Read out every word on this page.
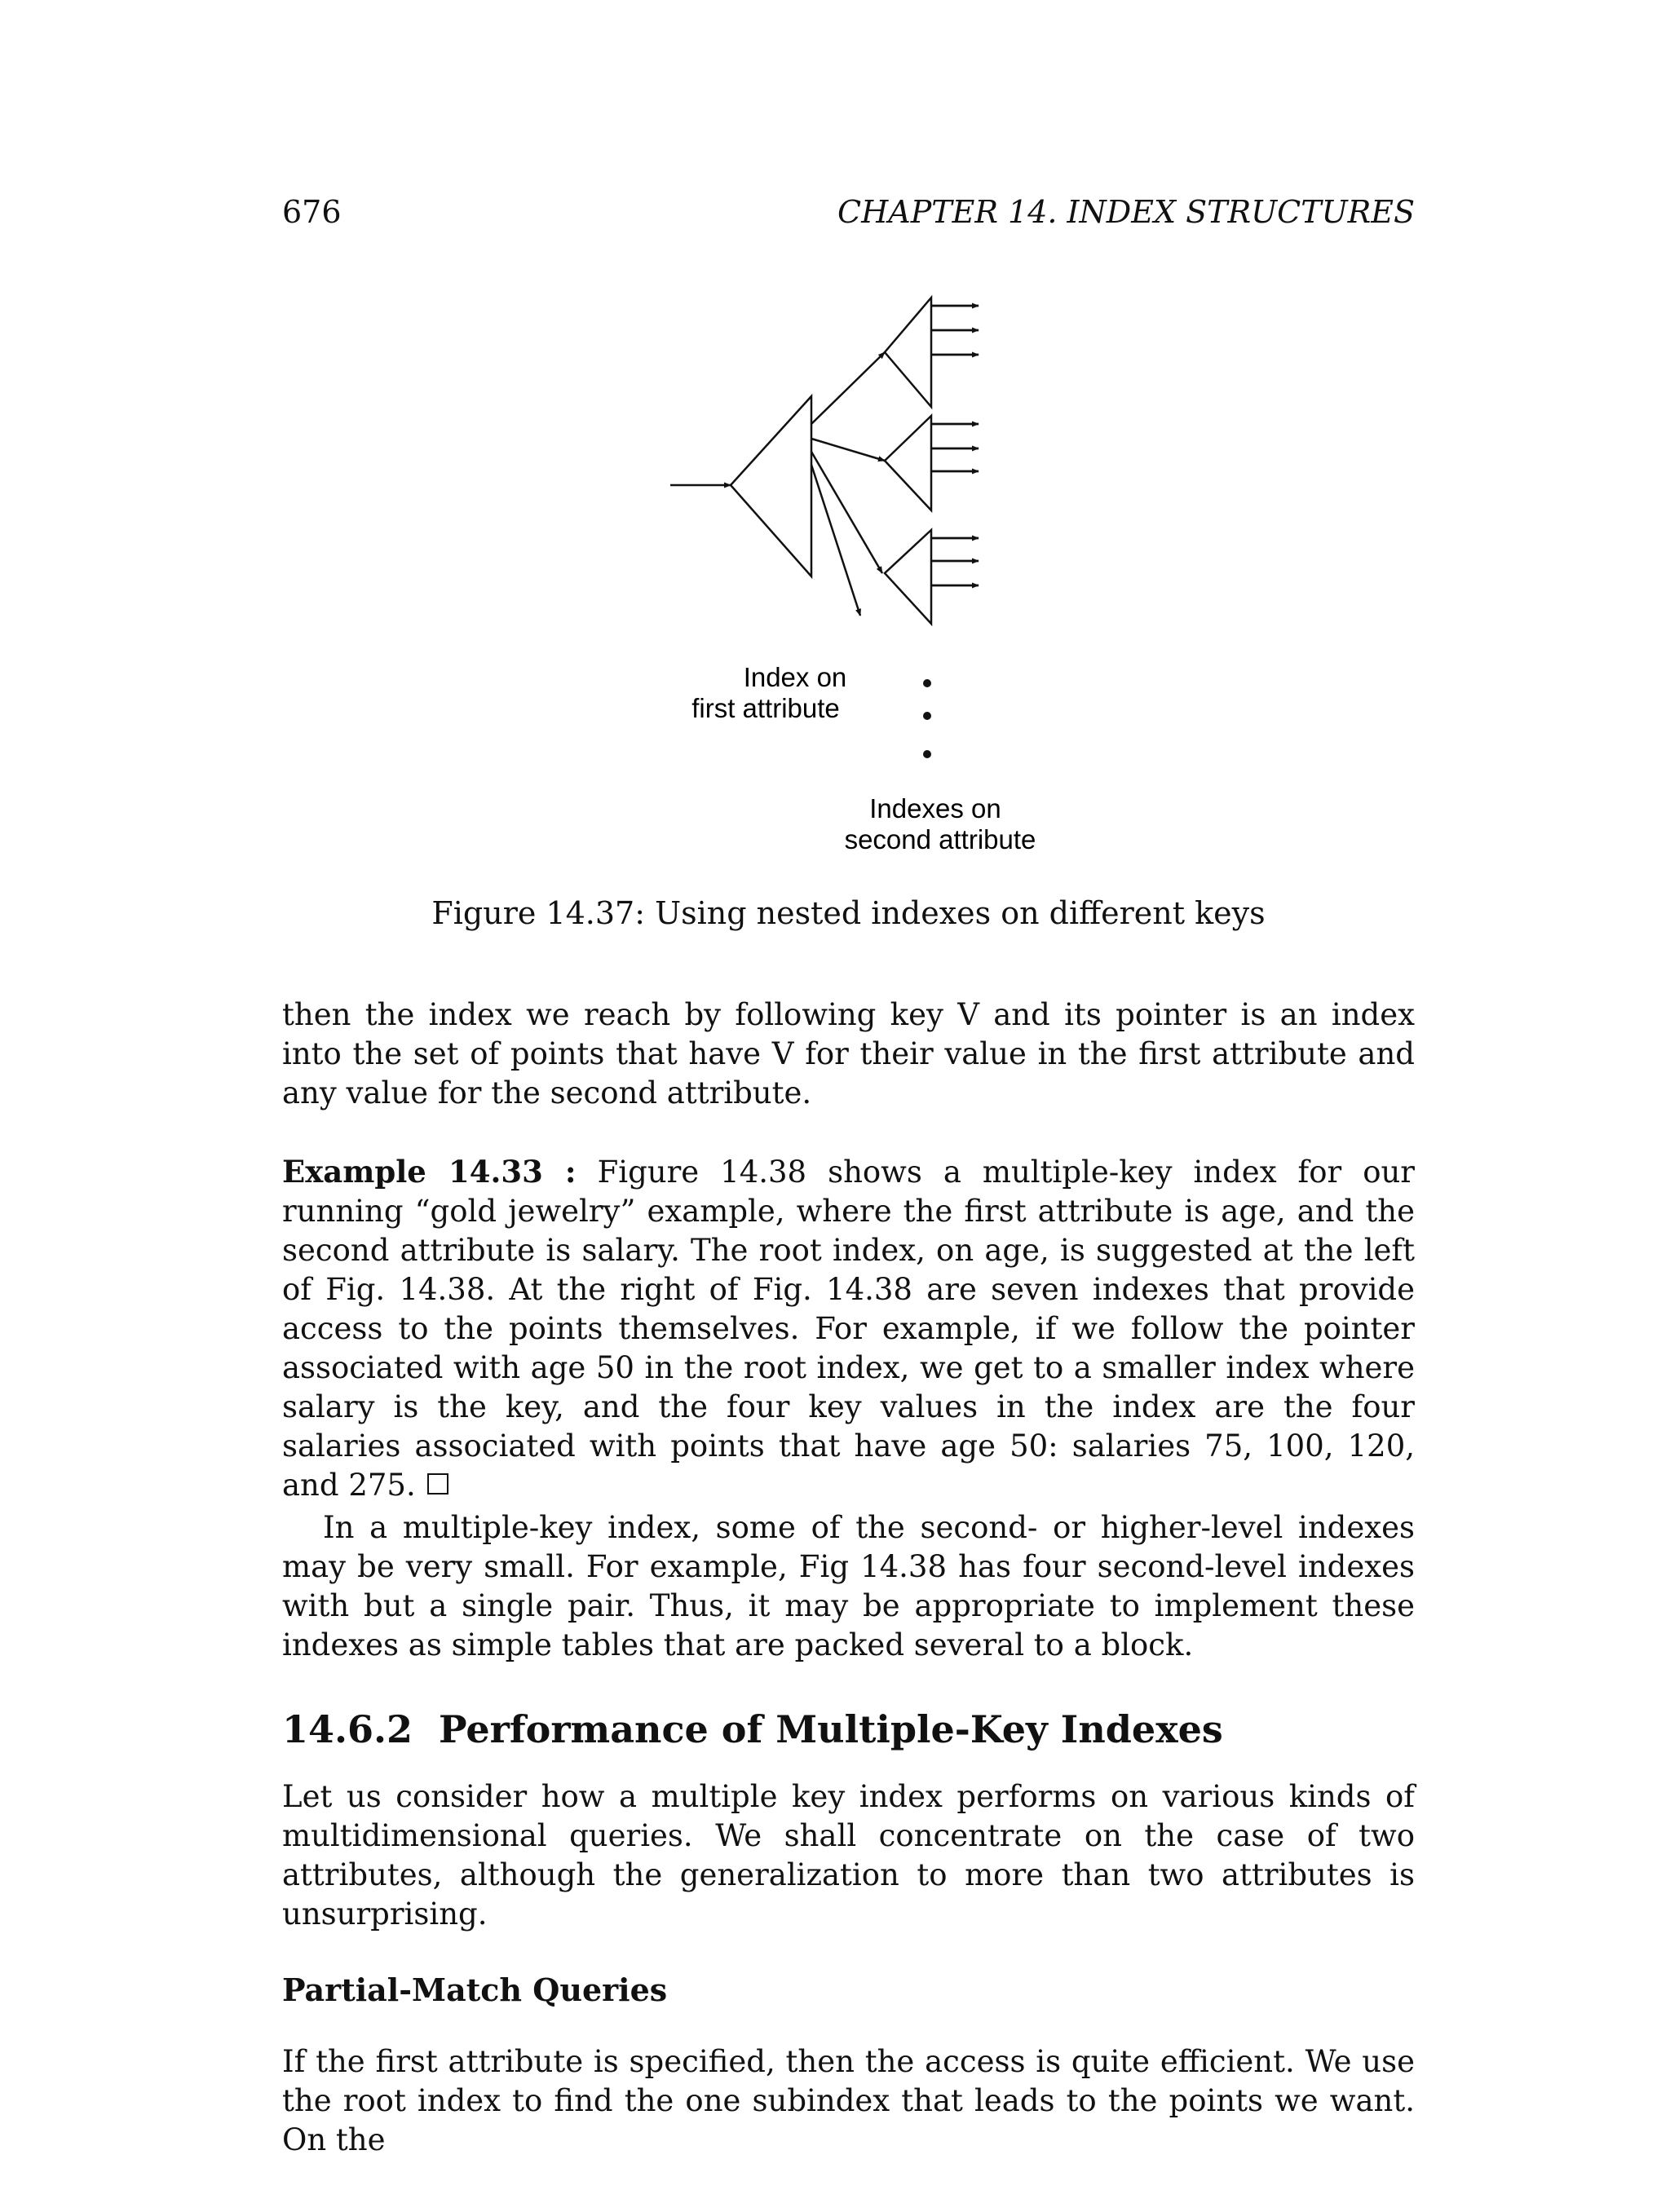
676	CHAPTER 14. INDEX STRUCTURES
Index on
first attribute
Indexes on
second attribute
Figure 14.37: Using nested indexes on different keys

then the index we reach by following key V and its pointer is an index into the set of points that have V for their value in the first attribute and any value for the second attribute.

Example 14.33 : Figure 14.38 shows a multiple-key index for our running “gold jewelry” example, where the first attribute is age, and the second attribute is salary. The root index, on age, is suggested at the left of Fig. 14.38. At the right of Fig. 14.38 are seven indexes that provide access to the points themselves. For example, if we follow the pointer associated with age 50 in the root index, we get to a smaller index where salary is the key, and the four key values in the index are the four salaries associated with points that have age 50: salaries 75, 100, 120, and 275.

In a multiple-key index, some of the second- or higher-level indexes may be very small. For example, Fig 14.38 has four second-level indexes with but a single pair. Thus, it may be appropriate to implement these indexes as simple tables that are packed several to a block.

14.6.2 Performance of Multiple-Key Indexes

Let us consider how a multiple key index performs on various kinds of multidimensional queries. We shall concentrate on the case of two attributes, although the generalization to more than two attributes is unsurprising.

Partial-Match Queries

If the first attribute is specified, then the access is quite efficient. We use the root index to find the one subindex that leads to the points we want. On the
